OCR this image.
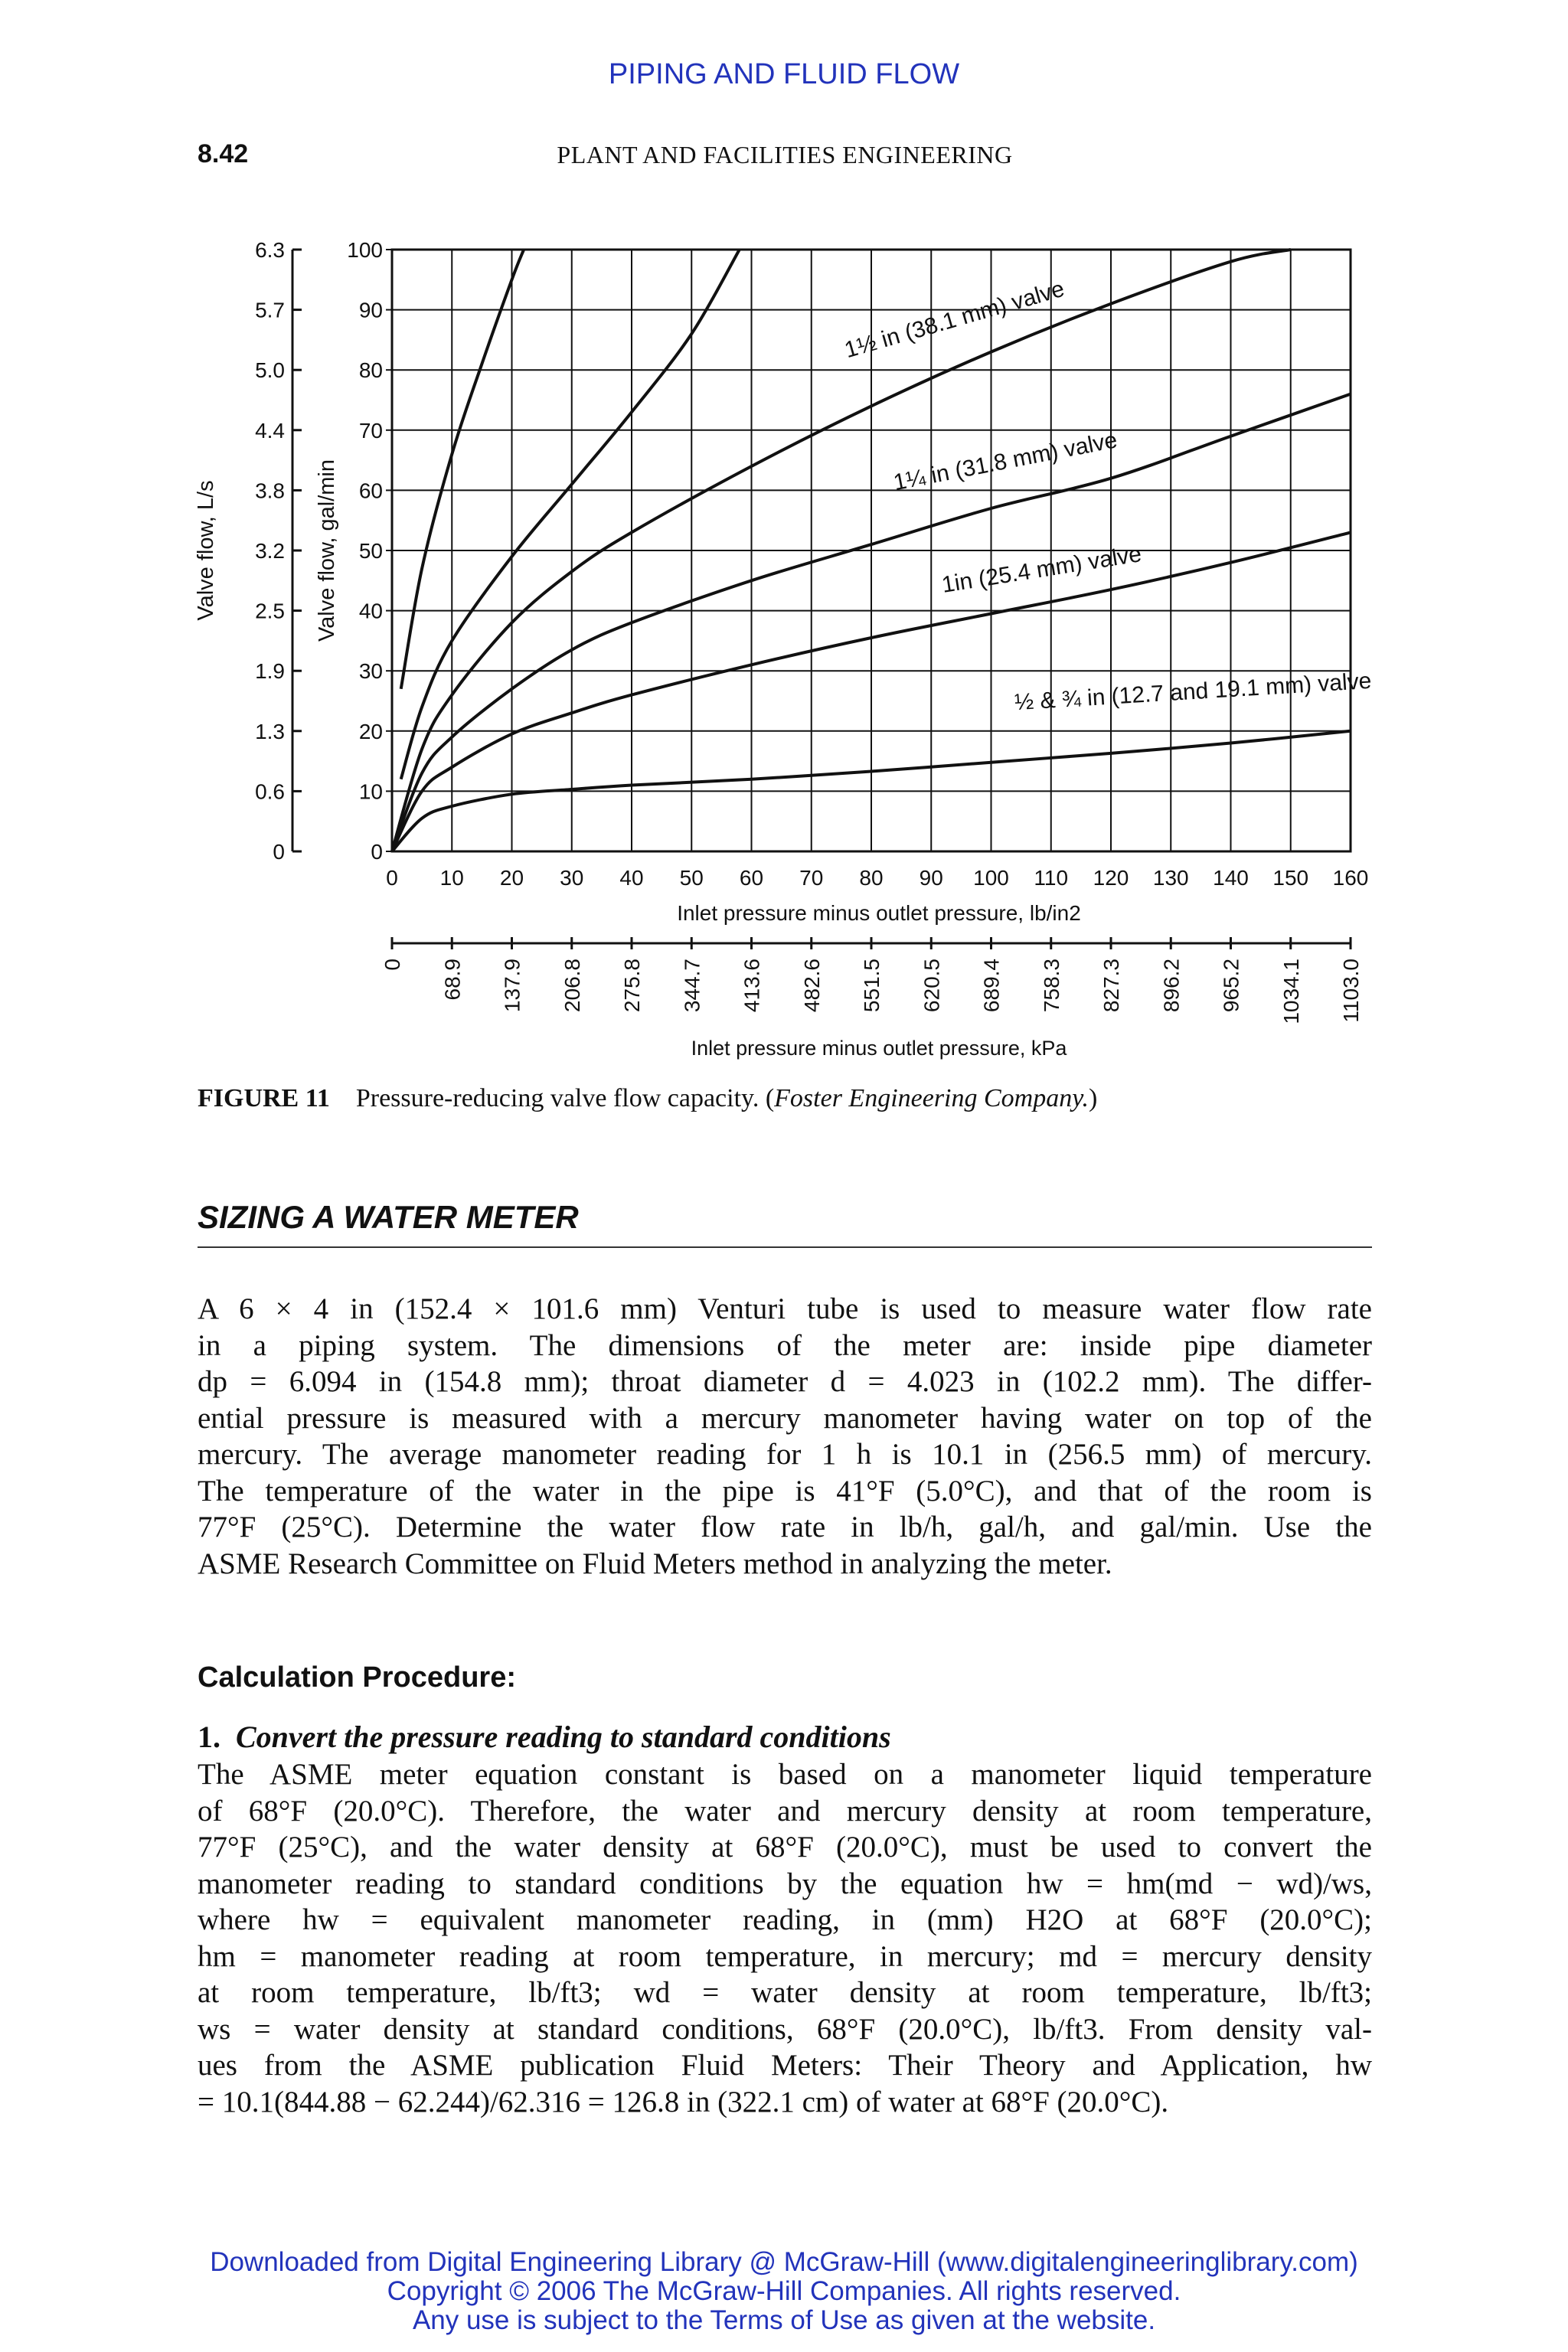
PIPING AND FLUID FLOW
8.42	PLANT AND FACILITIES ENGINEERING
0
10
20
30
40
50
60
70
80
90
100
0
0.6
1.3
1.9
2.5
3.2
3.8
4.4
5.0
5.7
6.3
0 10 20 30 40 50 60 70 80 90 100 110 120 130 140 150 160
0 68.9 137.9 206.8 275.8 344.7 413.6 482.6 551.5 620.5 689.4 758.3 827.3 896.2 965.2 1034.1 1103.0
½ & ¾ in (12.7 and 19.1 mm) valve
1in (25.4 mm) valve
1¼ in (31.8 mm) valve
1½ in (38.1 mm) valve
Valve flow, L/s	Valve flow, gal/min
Inlet pressure minus outlet pressure, lb/in2
Inlet pressure minus outlet pressure, kPa
FIGURE 11 Pressure-reducing valve flow capacity. (Foster Engineering Company.)
SIZING A WATER METER
A 6 × 4 in (152.4 × 101.6 mm) Venturi tube is used to measure water flow rate
in a piping system. The dimensions of the meter are: inside pipe diameter
dp = 6.094 in (154.8 mm); throat diameter d = 4.023 in (102.2 mm). The differ-
ential pressure is measured with a mercury manometer having water on top of the
mercury. The average manometer reading for 1 h is 10.1 in (256.5 mm) of mercury.
The temperature of the water in the pipe is 41°F (5.0°C), and that of the room is
77°F (25°C). Determine the water flow rate in lb/h, gal/h, and gal/min. Use the
ASME Research Committee on Fluid Meters method in analyzing the meter.
Calculation Procedure:
1. Convert the pressure reading to standard conditions
The ASME meter equation constant is based on a manometer liquid temperature
of 68°F (20.0°C). Therefore, the water and mercury density at room temperature,
77°F (25°C), and the water density at 68°F (20.0°C), must be used to convert the
manometer reading to standard conditions by the equation hw = hm(md − wd)/ws,
where hw = equivalent manometer reading, in (mm) H2O at 68°F (20.0°C);
hm = manometer reading at room temperature, in mercury; md = mercury density
at room temperature, lb/ft3; wd = water density at room temperature, lb/ft3;
ws = water density at standard conditions, 68°F (20.0°C), lb/ft3. From density val-
ues from the ASME publication Fluid Meters: Their Theory and Application, hw
= 10.1(844.88 − 62.244)/62.316 = 126.8 in (322.1 cm) of water at 68°F (20.0°C).
Downloaded from Digital Engineering Library @ McGraw-Hill (www.digitalengineeringlibrary.com)
Copyright © 2006 The McGraw-Hill Companies. All rights reserved.
Any use is subject to the Terms of Use as given at the website.
